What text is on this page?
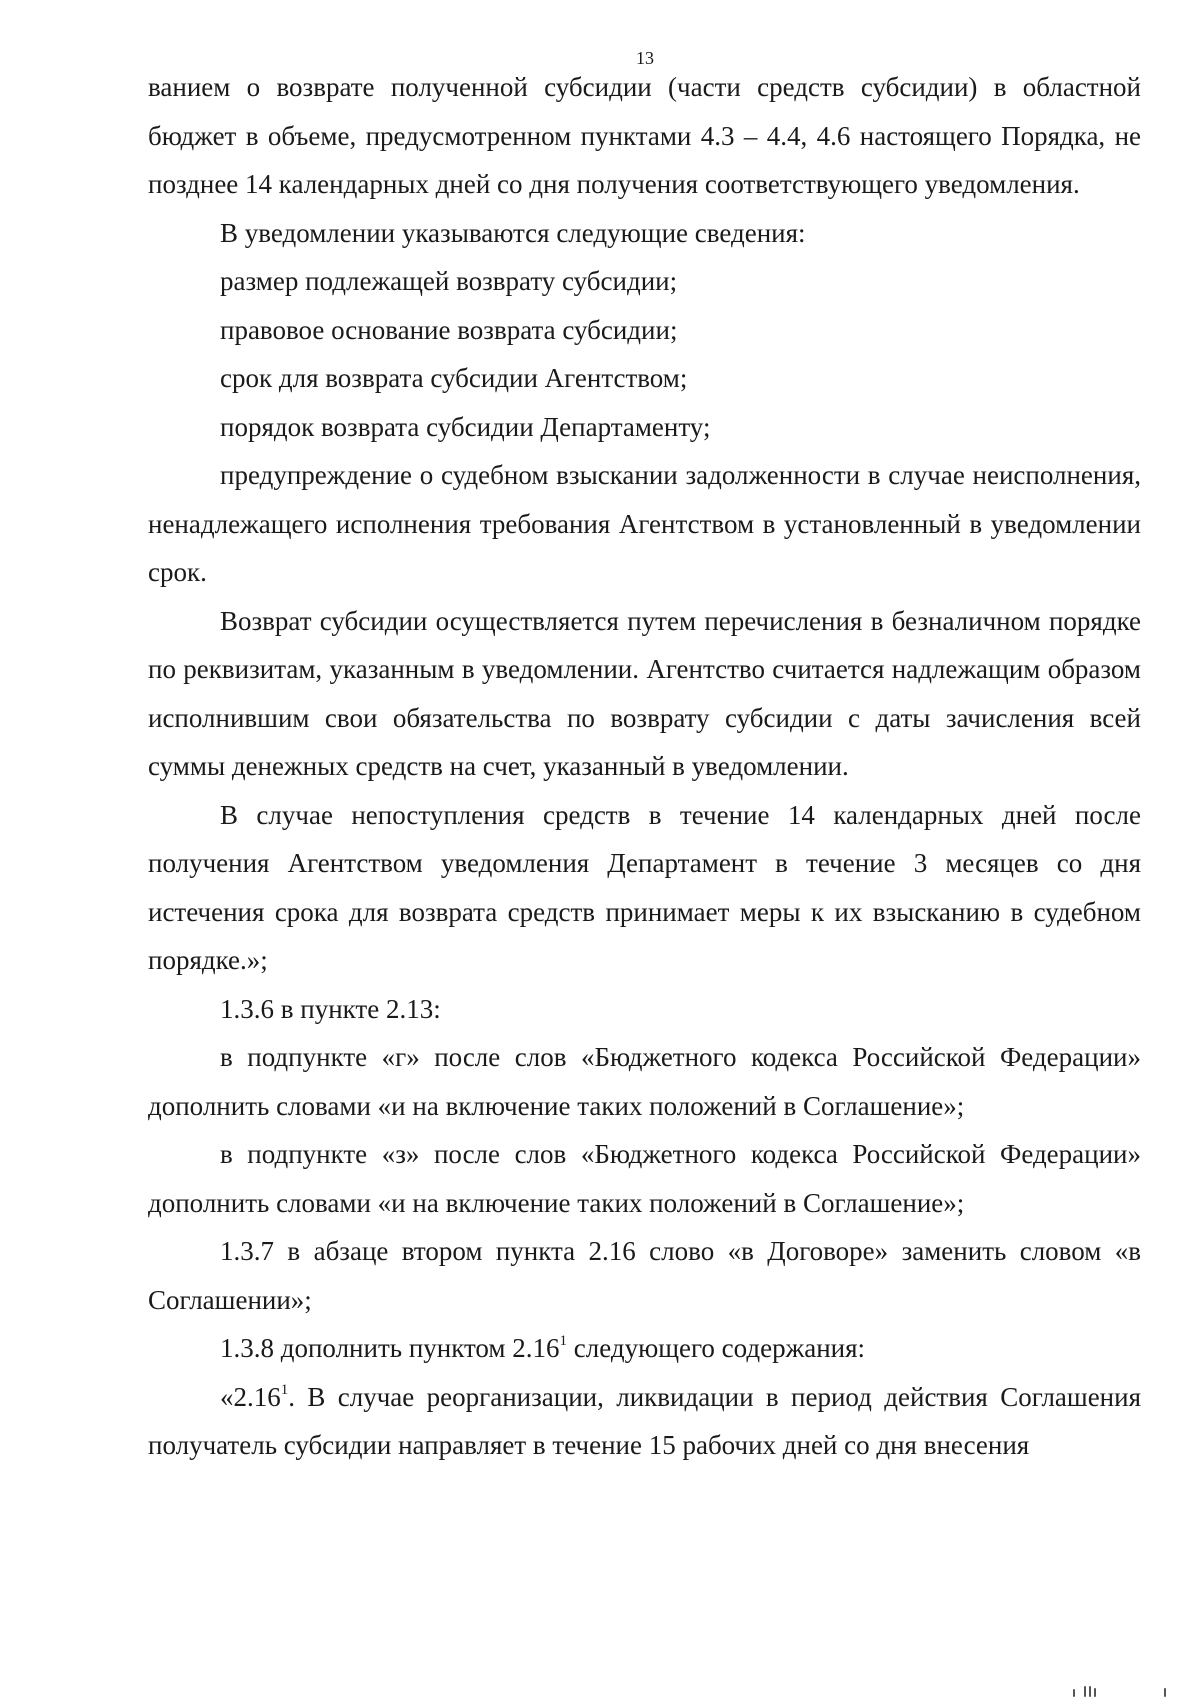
13

ванием о возврате полученной субсидии (части средств субсидии) в областной бюджет в объеме, предусмотренном пунктами 4.3 – 4.4, 4.6 настоящего Порядка, не позднее 14 календарных дней со дня получения соответствующего уведомления.

В уведомлении указываются следующие сведения:

размер подлежащей возврату субсидии;

правовое основание возврата субсидии;

срок для возврата субсидии Агентством;

порядок возврата субсидии Департаменту;

предупреждение о судебном взыскании задолженности в случае неисполнения, ненадлежащего исполнения требования Агентством в установленный в уведомлении срок.

Возврат субсидии осуществляется путем перечисления в безналичном порядке по реквизитам, указанным в уведомлении. Агентство считается надлежащим образом исполнившим свои обязательства по возврату субсидии с даты зачисления всей суммы денежных средств на счет, указанный в уведомлении.

В случае непоступления средств в течение 14 календарных дней после получения Агентством уведомления Департамент в течение 3 месяцев со дня истечения срока для возврата средств принимает меры к их взысканию в судебном порядке.»;

1.3.6 в пункте 2.13:

в подпункте «г» после слов «Бюджетного кодекса Российской Федерации» дополнить словами «и на включение таких положений в Соглашение»;

в подпункте «з» после слов «Бюджетного кодекса Российской Федерации» дополнить словами «и на включение таких положений в Соглашение»;

1.3.7 в абзаце втором пункта 2.16 слово «в Договоре» заменить словом «в Соглашении»;

1.3.8 дополнить пунктом 2.16$^1$ следующего содержания:

«2.16$^1$. В случае реорганизации, ликвидации в период действия Соглашения получатель субсидии направляет в течение 15 рабочих дней со дня внесения
